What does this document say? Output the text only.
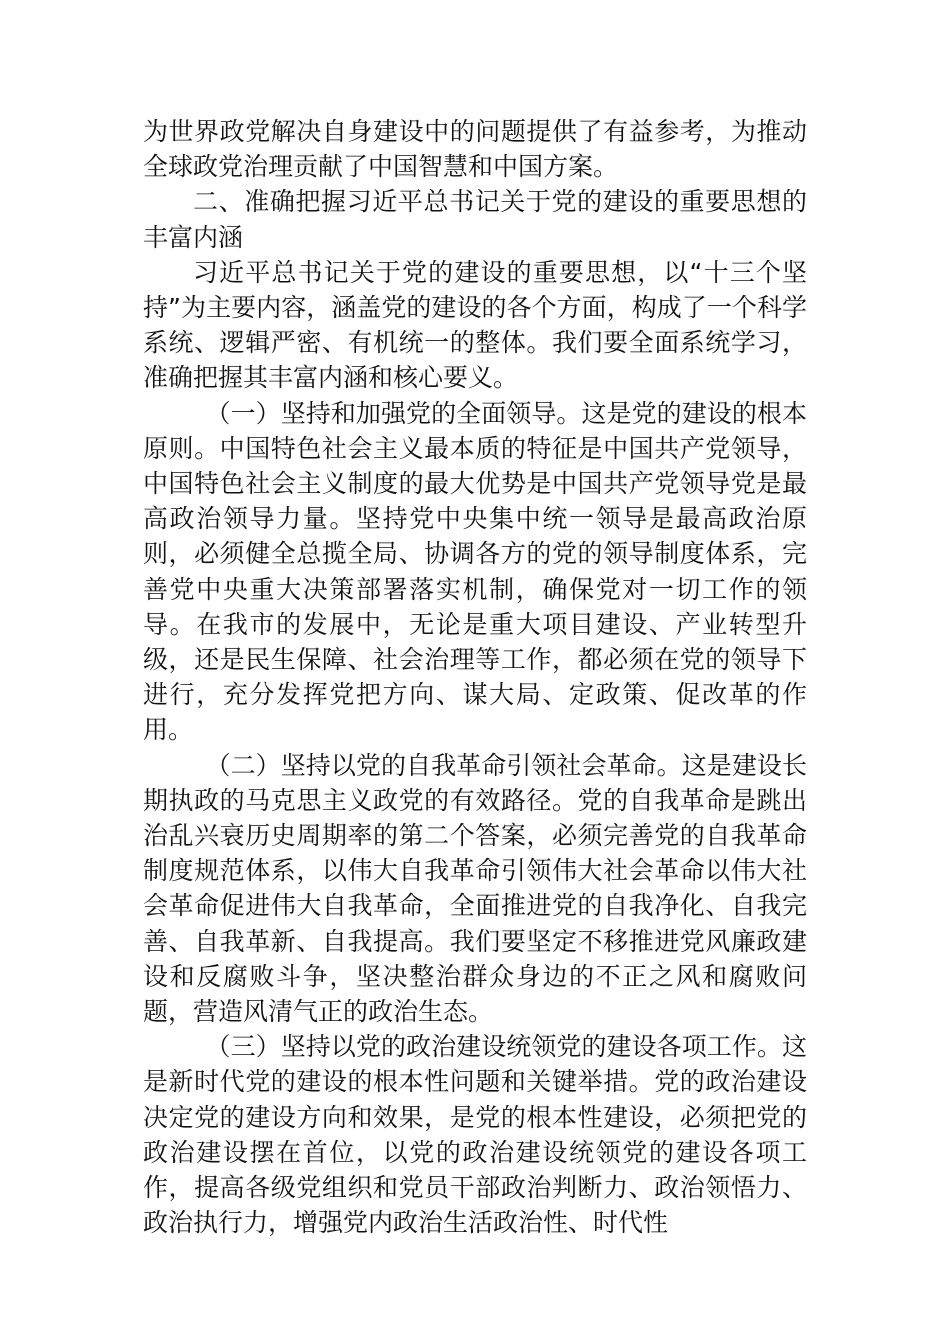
为世界政党解决自身建设中的问题提供了有益参考，为推动全球政党治理贡献了中国智慧和中国方案。

二、准确把握习近平总书记关于党的建设的重要思想的丰富内涵

习近平总书记关于党的建设的重要思想，以“十三个坚持”为主要内容，涵盖党的建设的各个方面，构成了一个科学系统、逻辑严密、有机统一的整体。我们要全面系统学习，准确把握其丰富内涵和核心要义。

（一）坚持和加强党的全面领导。这是党的建设的根本原则。中国特色社会主义最本质的特征是中国共产党领导，中国特色社会主义制度的最大优势是中国共产党领导党是最高政治领导力量。坚持党中央集中统一领导是最高政治原则，必须健全总揽全局、协调各方的党的领导制度体系，完善党中央重大决策部署落实机制，确保党对一切工作的领导。在我市的发展中，无论是重大项目建设、产业转型升级，还是民生保障、社会治理等工作，都必须在党的领导下进行，充分发挥党把方向、谋大局、定政策、促改革的作用。

（二）坚持以党的自我革命引领社会革命。这是建设长期执政的马克思主义政党的有效路径。党的自我革命是跳出治乱兴衰历史周期率的第二个答案，必须完善党的自我革命制度规范体系，以伟大自我革命引领伟大社会革命以伟大社会革命促进伟大自我革命，全面推进党的自我净化、自我完善、自我革新、自我提高。我们要坚定不移推进党风廉政建设和反腐败斗争，坚决整治群众身边的不正之风和腐败问题，营造风清气正的政治生态。

（三）坚持以党的政治建设统领党的建设各项工作。这是新时代党的建设的根本性问题和关键举措。党的政治建设决定党的建设方向和效果，是党的根本性建设，必须把党的政治建设摆在首位，以党的政治建设统领党的建设各项工作，提高各级党组织和党员干部政治判断力、政治领悟力、政治执行力，增强党内政治生活政治性、时代性
